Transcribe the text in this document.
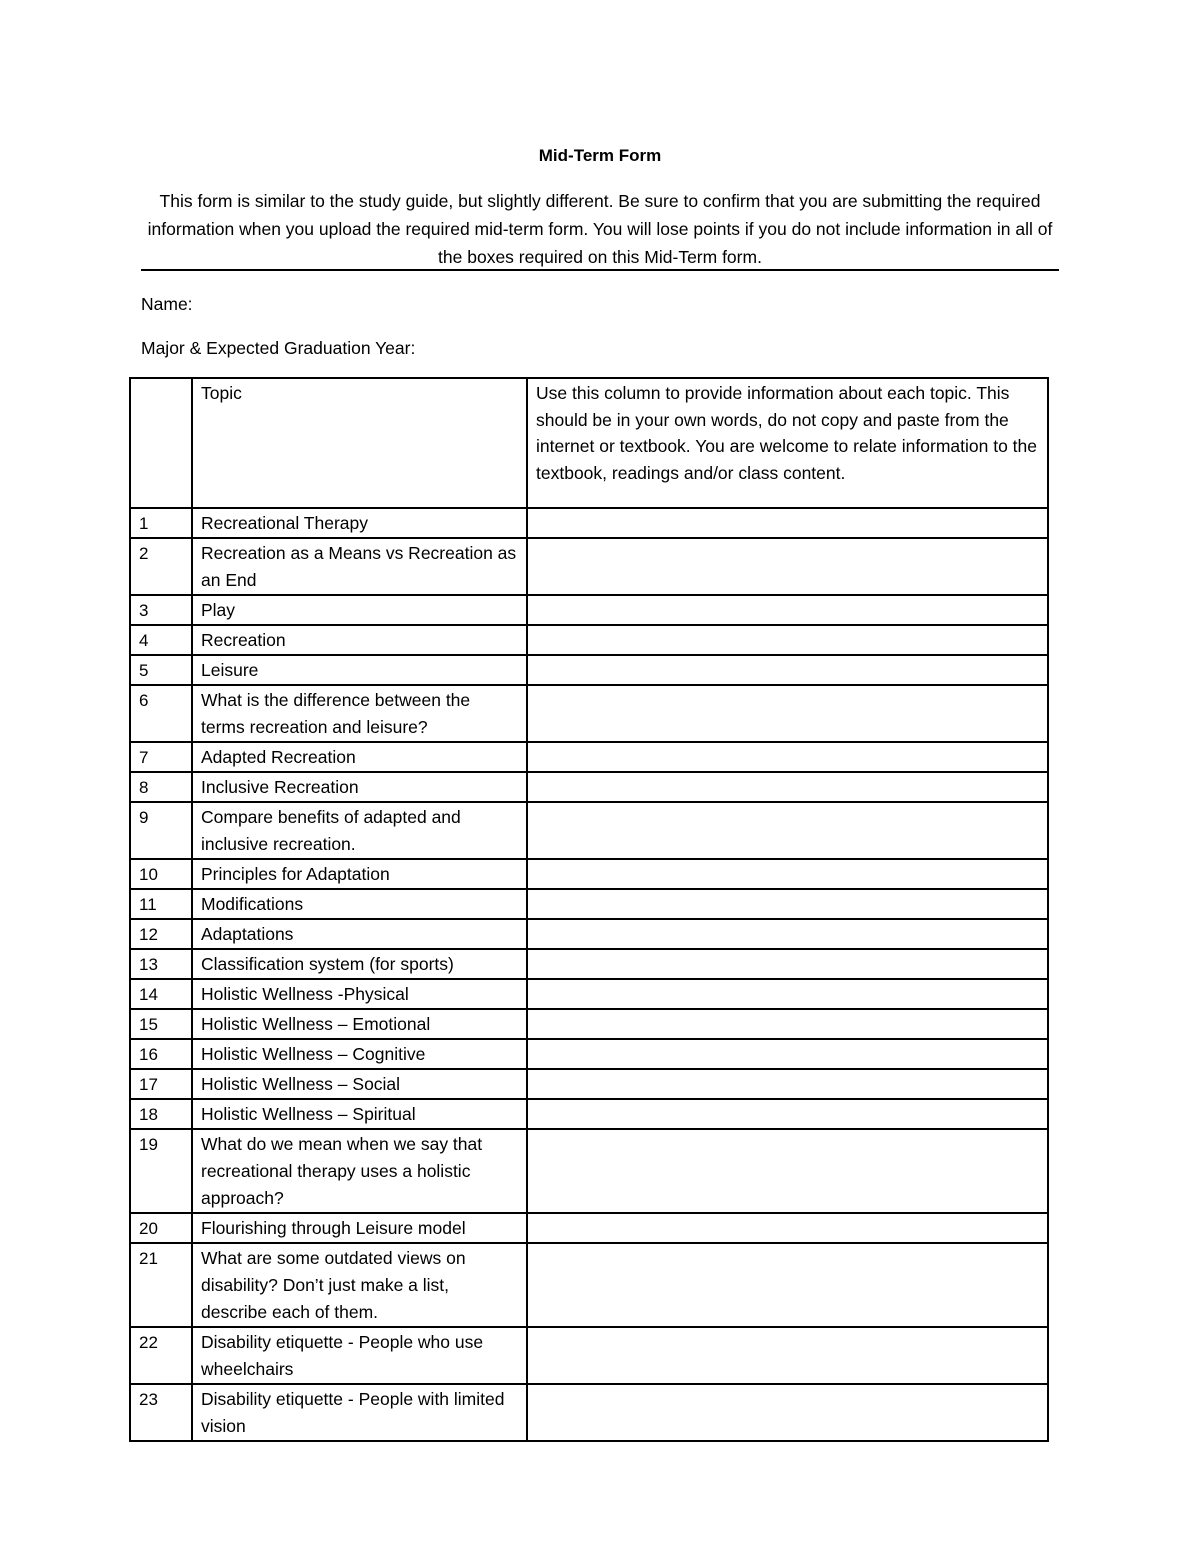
Mid-Term Form
This form is similar to the study guide, but slightly different. Be sure to confirm that you are submitting the required information when you upload the required mid-term form. You will lose points if you do not include information in all of the boxes required on this Mid-Term form.
Name:
Major & Expected Graduation Year:
	Topic	Use this column to provide information about each topic. This should be in your own words, do not copy and paste from the internet or textbook. You are welcome to relate information to the textbook, readings and/or class content.
1	Recreational Therapy	
2	Recreation as a Means vs Recreation as an End	
3	Play	
4	Recreation	
5	Leisure	
6	What is the difference between the terms recreation and leisure?	
7	Adapted Recreation	
8	Inclusive Recreation	
9	Compare benefits of adapted and inclusive recreation.	
10	Principles for Adaptation	
11	Modifications	
12	Adaptations	
13	Classification system (for sports)	
14	Holistic Wellness -Physical	
15	Holistic Wellness – Emotional	
16	Holistic Wellness – Cognitive	
17	Holistic Wellness – Social	
18	Holistic Wellness – Spiritual	
19	What do we mean when we say that recreational therapy uses a holistic approach?	
20	Flourishing through Leisure model	
21	What are some outdated views on disability? Don’t just make a list, describe each of them.	
22	Disability etiquette - People who use wheelchairs	
23	Disability etiquette - People with limited vision	
